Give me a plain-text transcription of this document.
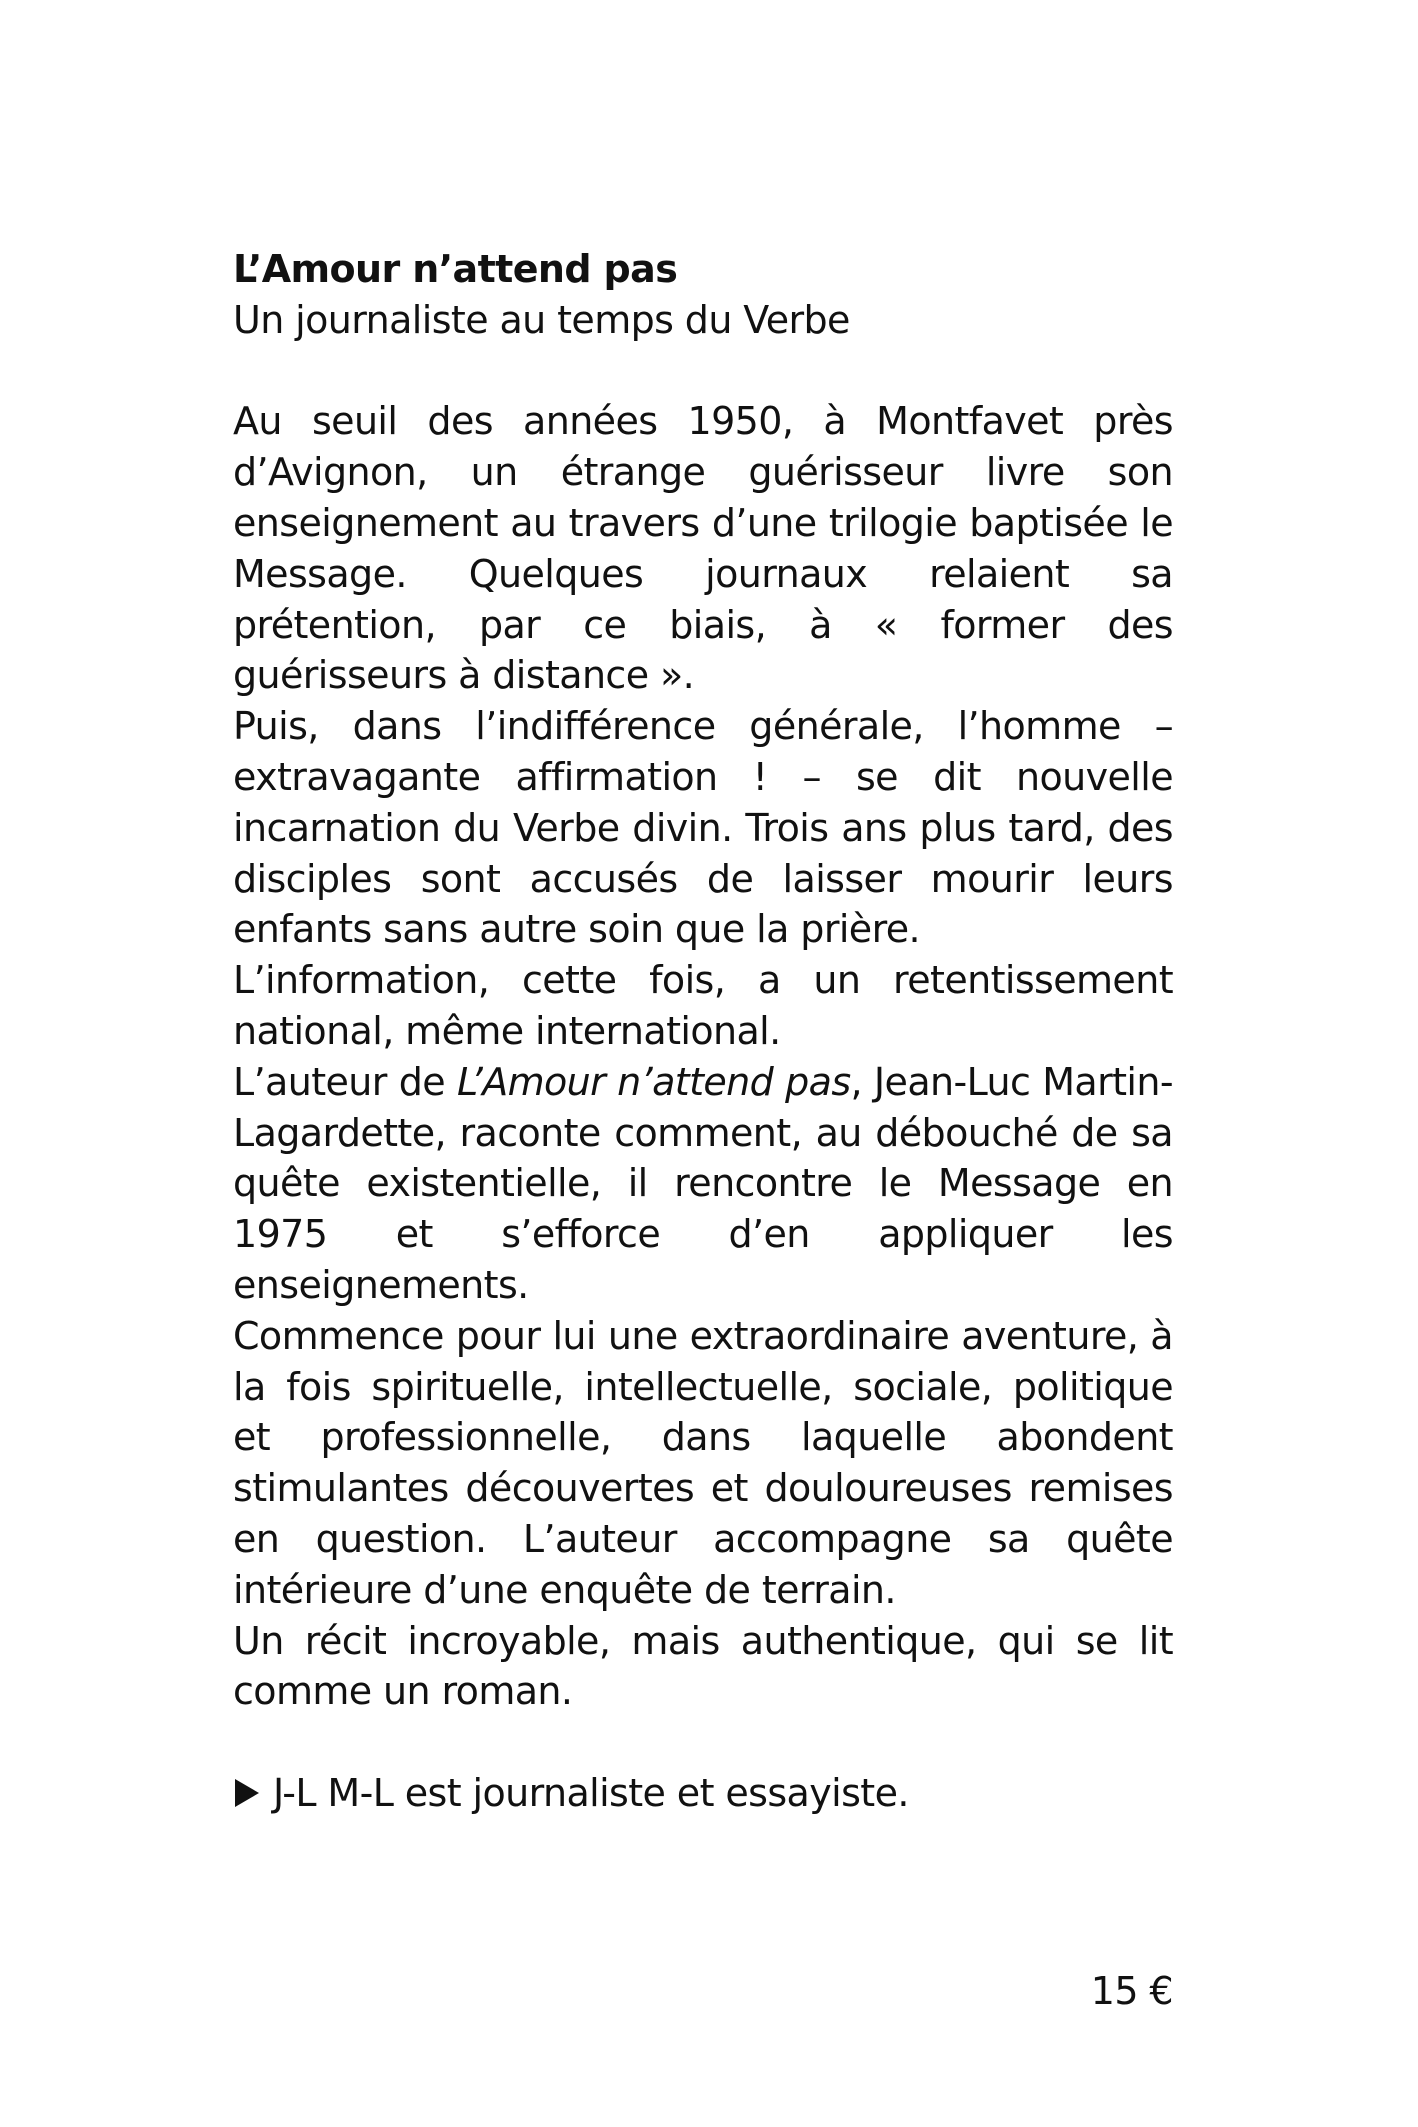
L’Amour n’attend pas
Un journaliste au temps du Verbe

Au seuil des années 1950, à Montfavet près d’Avignon, un étrange guérisseur livre son enseignement au travers d’une trilogie baptisée le Message. Quelques journaux relaient sa prétention, par ce biais, à « former des guérisseurs à distance ».

Puis, dans l’indifférence générale, l’homme – extravagante affirmation ! – se dit nouvelle incarnation du Verbe divin. Trois ans plus tard, des disciples sont accusés de laisser mourir leurs enfants sans autre soin que la prière.

L’information, cette fois, a un retentissement national, même international.

L’auteur de L’Amour n’attend pas, Jean-Luc Martin-Lagardette, raconte comment, au débouché de sa quête existentielle, il rencontre le Message en 1975 et s’efforce d’en appliquer les enseignements.

Commence pour lui une extraordinaire aventure, à la fois spirituelle, intellectuelle, sociale, politique et professionnelle, dans laquelle abondent stimulantes découvertes et douloureuses remises en question. L’auteur accompagne sa quête intérieure d’une enquête de terrain.

Un récit incroyable, mais authentique, qui se lit comme un roman.

J-L M-L est journaliste et essayiste.

15 €
